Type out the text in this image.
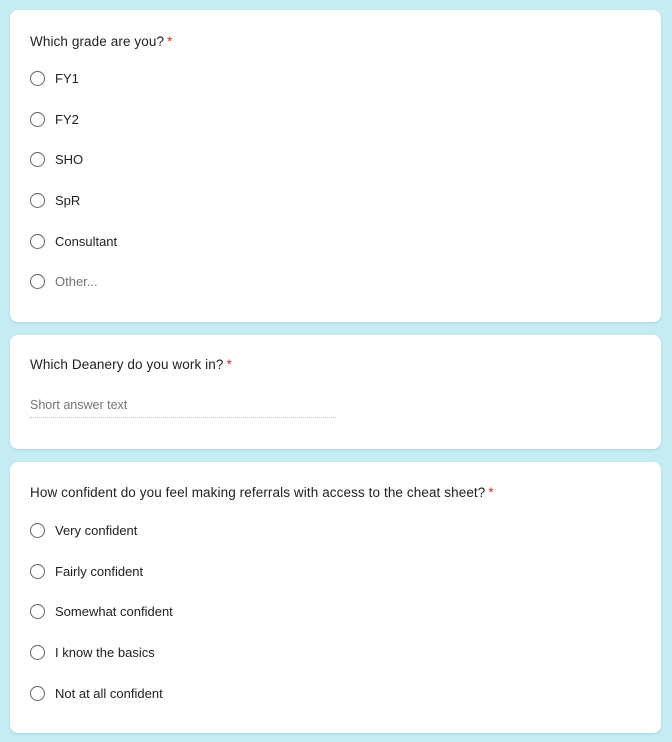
Which grade are you? *
FY1
FY2
SHO
SpR
Consultant
Other...
Which Deanery do you work in? *
Short answer text
How confident do you feel making referrals with access to the cheat sheet? *
Very confident
Fairly confident
Somewhat confident
I know the basics
Not at all confident
